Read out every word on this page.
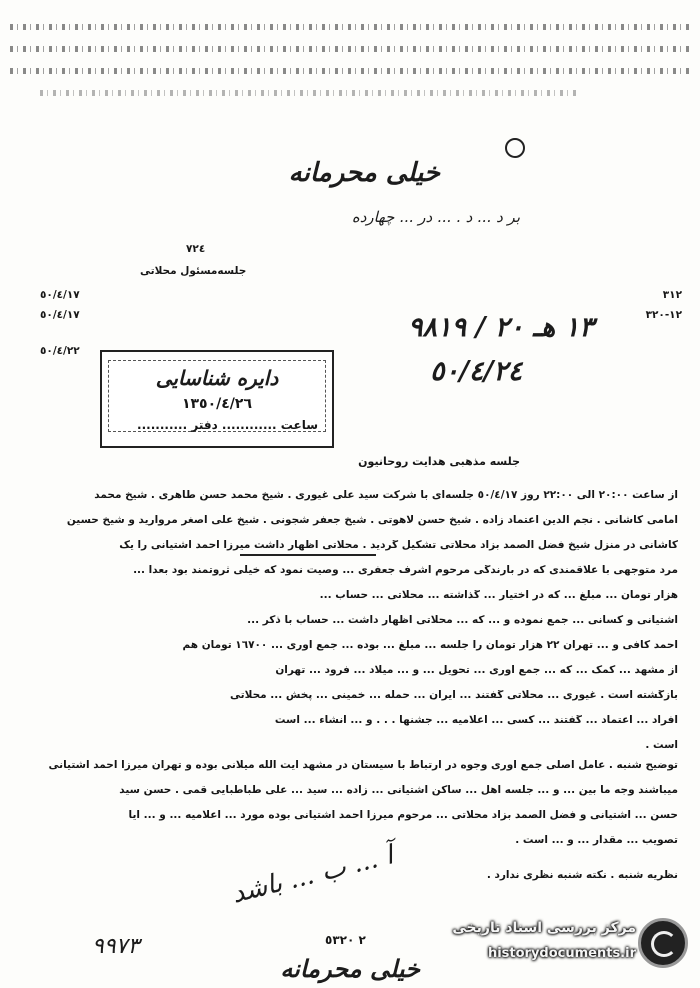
خیلی محرمانه
بر د ... د . ... در ... چهارده
٧٢٤
جلسه‌مسئول محلاتی
٥٠/٤/١٧
٥٠/٤/١٧
٥٠/٤/٢٢
٣١٢
١٢-٣٢٠
١٣ هـ ٢٠ / ٩٨١٩
٥٠/٤/٢٤
دایره شناسایی
١٣٥٠/٤/٢٦
ساعت ............ دفتر ...........
جلسه مذهبی هدایت روحانیون
از ساعت ٢٠:٠٠ الی ٢٢:٠٠ روز ٥٠/٤/١٧ جلسه‌ای با شرکت سید علی غیوری . شیخ محمد حسن طاهری . شیخ محمد
امامی کاشانی . نجم الدین اعتماد زاده . شیخ حسن لاهوتی . شیخ جعفر شجونی . شیخ علی اصغر مروارید و شیخ حسین
کاشانی در منزل شیخ فضل الصمد بزاد محلاتی تشکیل گردید . محلاتی اظهار داشت میرزا احمد آشتیانی را یک
مرد متوجهی با علاقمندی که در بارندگی مرحوم اشرف جعفری ... وصیت نمود که خیلی ثروتمند بود بعدا ...
هزار تومان ... مبلغ ... که در اختیار ... گذاشته ... محلاتی ... حساب ...
آشتیانی و کسانی ... جمع نموده و ... که ... محلاتی اظهار داشت ... حساب با ذکر ...
احمد کافی و ... تهران ٢٢ هزار تومان را جلسه ... مبلغ ... بوده ... جمع آوری ... ١٦٧٠٠ تومان هم
از مشهد ... کمک ... که ... جمع آوری ... تحویل ... و ... میلاد ... فرود ... تهران
بازگشته است . غیوری ... محلاتی گفتند ... ایران ... حمله ... خمینی ... پخش ... محلاتی
افراد ... اعتماد ... گفتند ... کسی ... اعلامیه ... جشنها . . . و ... انشاء ... است
است .
توضیح شنبه . عامل اصلی جمع آوری وجوه در ارتباط با سیستان در مشهد آیت الله میلانی بوده و تهران میرزا احمد آشتیانی
میباشند وجه ما بین ... و ... جلسه اهل ... ساکن آشتیانی ... زاده ... سید ... علی طباطبایی قمی . حسن سید
حسن ... آشتیانی و فضل الصمد بزاد محلاتی ... مرحوم میرزا احمد آشتیانی بوده مورد ... اعلامیه ... و ... آیا
تصویب ... مقدار ... و ... است .
نظریه شنبه . نکته شنبه نظری ندارد .
آ ... ب ... باشد
٩٩٧٣	٢ ٥٣٢٠
خیلی محرمانه
مرکز بررسی اسناد تاریخی
historydocuments.ir
